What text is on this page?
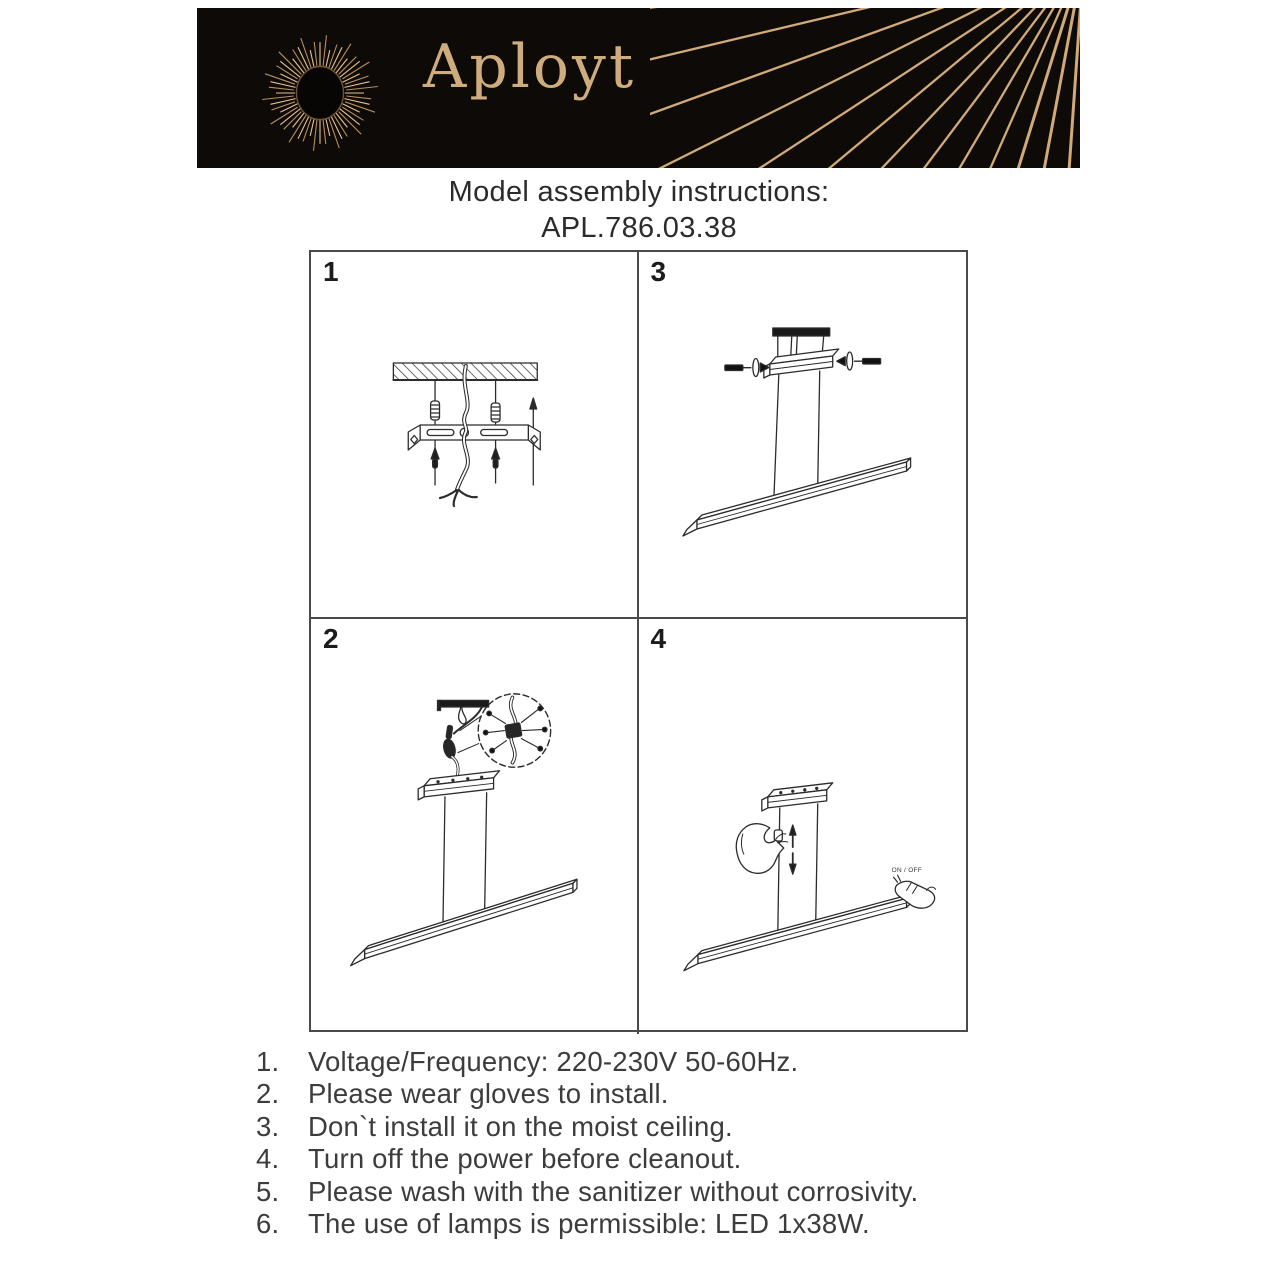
Aployt
Model assembly instructions:
APL.786.03.38
1	3
2	4
ON / OFF
1.	Voltage/Frequency: 220-230V 50-60Hz.
2.	Please wear gloves to install.
3.	Don`t install it on the moist ceiling.
4.	Turn off the power before cleanout.
5.	Please wash with the sanitizer without corrosivity.
6.	The use of lamps is permissible: LED 1x38W.
